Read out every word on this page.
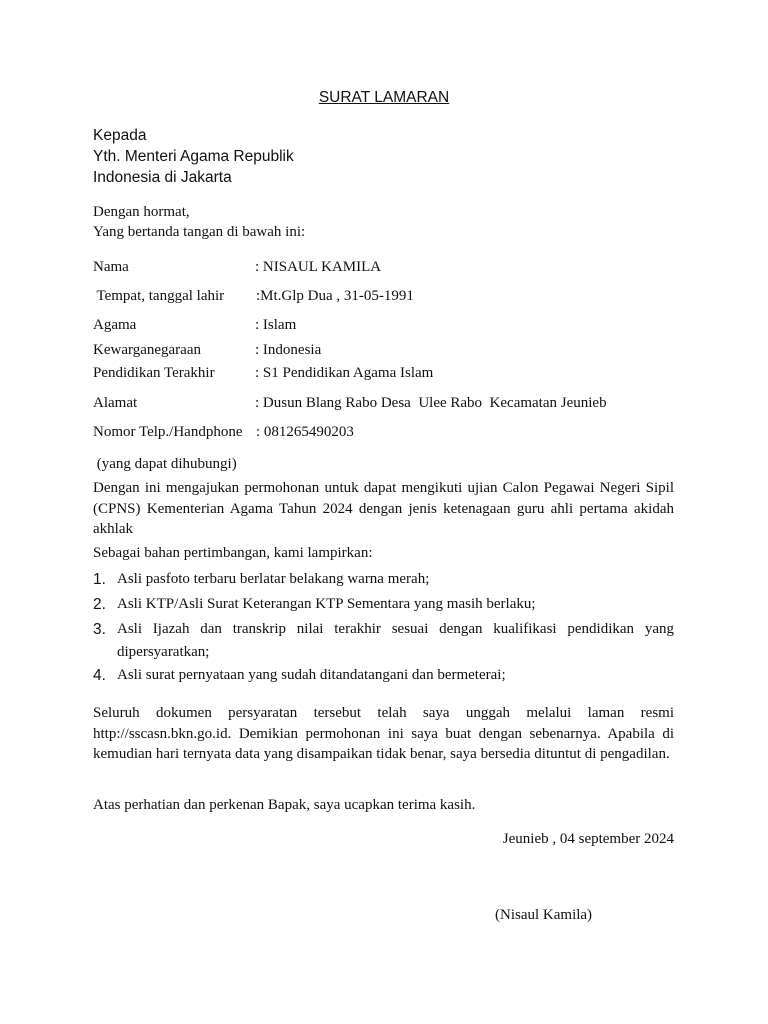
SURAT LAMARAN
Kepada
Yth. Menteri Agama Republik
Indonesia di Jakarta
Dengan hormat,
Yang bertanda tangan di bawah ini:
Nama	: NISAUL KAMILA
Tempat, tanggal lahir :Mt.Glp Dua , 31-05-1991
Agama	: Islam
Kewarganegaraan	: Indonesia
Pendidikan Terakhir	: S1 Pendidikan Agama Islam
Alamat	: Dusun Blang Rabo Desa  Ulee Rabo  Kecamatan Jeunieb
Nomor Telp./Handphone : 081265490203
(yang dapat dihubungi)
Dengan ini mengajukan permohonan untuk dapat mengikuti ujian Calon Pegawai Negeri Sipil (CPNS) Kementerian Agama Tahun 2024 dengan jenis ketenagaan guru ahli pertama akidah akhlak
Sebagai bahan pertimbangan, kami lampirkan:
1. Asli pasfoto terbaru berlatar belakang warna merah;
2. Asli KTP/Asli Surat Keterangan KTP Sementara yang masih berlaku;
3. Asli Ijazah dan transkrip nilai terakhir sesuai dengan kualifikasi pendidikan yang dipersyaratkan;
4. Asli surat pernyataan yang sudah ditandatangani dan bermeterai;
Seluruh dokumen persyaratan tersebut telah saya unggah melalui laman resmi http://sscasn.bkn.go.id. Demikian permohonan ini saya buat dengan sebenarnya. Apabila di kemudian hari ternyata data yang disampaikan tidak benar, saya bersedia dituntut di pengadilan.
Atas perhatian dan perkenan Bapak, saya ucapkan terima kasih.
Jeunieb , 04 september 2024
(Nisaul Kamila)
